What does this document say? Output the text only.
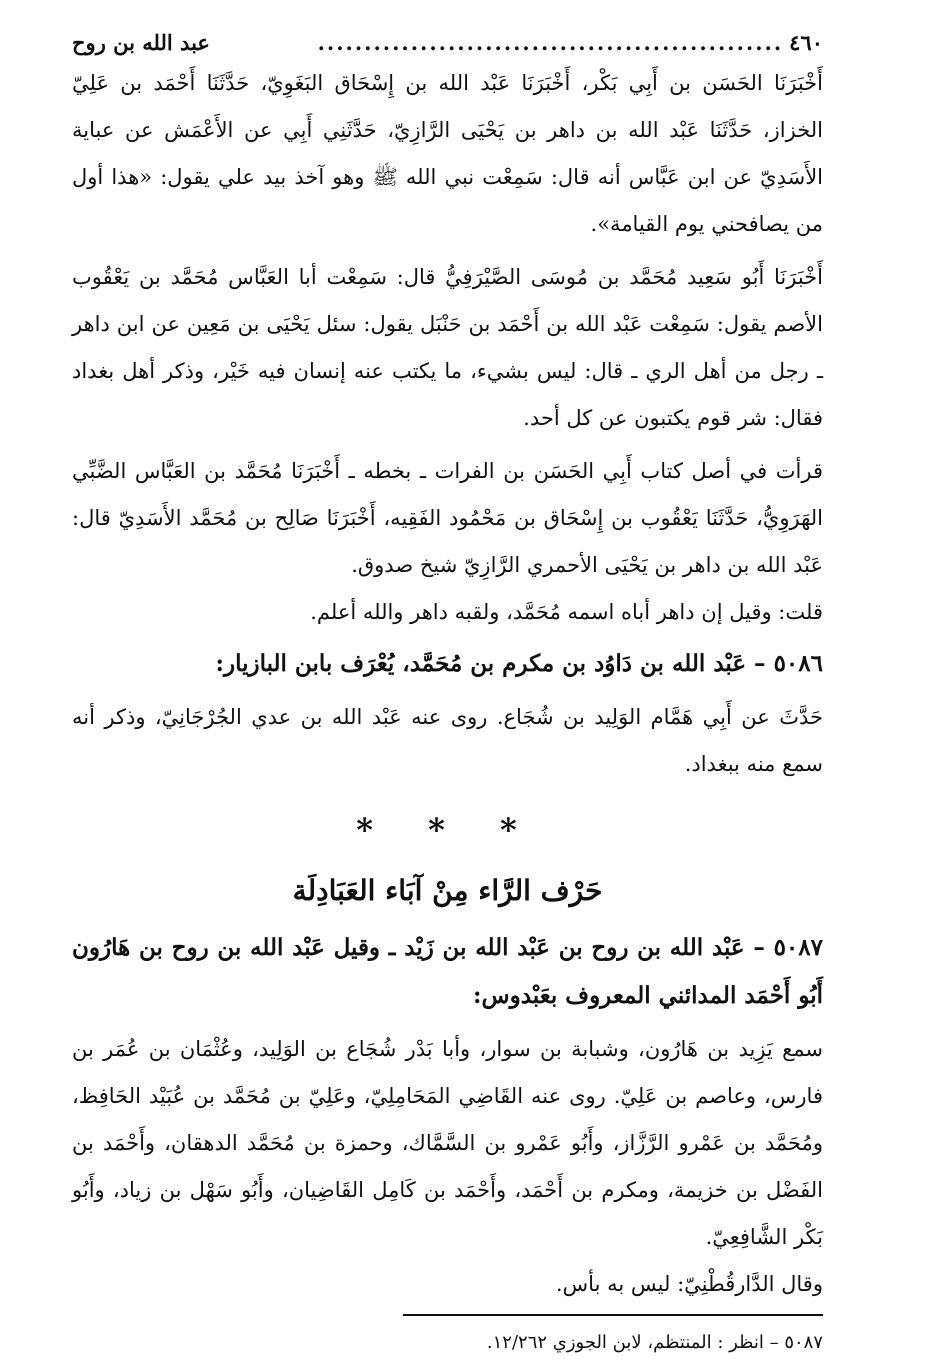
٤٦٠
..................................................
عبد الله بن روح

أَخْبَرَنَا الحَسَن بن أَبِي بَكْر، أَخْبَرَنَا عَبْد الله بن إِسْحَاق البَغَوِيّ، حَدَّثَنَا أَحْمَد بن عَلِيّ الخزاز، حَدَّثَنَا عَبْد الله بن داهر بن يَحْيَى الرَّازِيّ، حَدَّثَنِي أَبِي عن الأَعْمَش عن عباية الأَسَدِيّ عن ابن عَبَّاس أنه قال: سَمِعْت نبي الله ﷺ وهو آخذ بيد علي يقول: «هذا أول من يصافحني يوم القيامة».

أَخْبَرَنَا أَبُو سَعِيد مُحَمَّد بن مُوسَى الصَّيْرَفِيُّ قال: سَمِعْت أبا العَبَّاس مُحَمَّد بن يَعْقُوب الأصم يقول: سَمِعْت عَبْد الله بن أَحْمَد بن حَنْبَل يقول: سئل يَحْيَى بن مَعِين عن ابن داهر ـ رجل من أهل الري ـ قال: ليس بشيء، ما يكتب عنه إنسان فيه خَيْر، وذكر أهل بغداد فقال: شر قوم يكتبون عن كل أحد.

قرأت في أصل كتاب أَبِي الحَسَن بن الفرات ـ بخطه ـ أَخْبَرَنَا مُحَمَّد بن العَبَّاس الضَّبِّي الهَرَوِيُّ، حَدَّثَنَا يَعْقُوب بن إِسْحَاق بن مَحْمُود الفَقِيه، أَخْبَرَنَا صَالِح بن مُحَمَّد الأَسَدِيّ قال: عَبْد الله بن داهر بن يَحْيَى الأحمري الرَّازِيّ شيخ صدوق.

قلت: وقيل إن داهر أباه اسمه مُحَمَّد، ولقبه داهر والله أعلم.

٥٠٨٦ – عَبْد الله بن دَاوُد بن مكرم بن مُحَمَّد، يُعْرَف بابن البازيار:

حَدَّثَ عن أَبِي هَمَّام الوَلِيد بن شُجَاع. روى عنه عَبْد الله بن عدي الجُرْجَانِيّ، وذكر أنه سمع منه ببغداد.

* * *
حَرْف الرَّاء مِنْ آبَاء العَبَادِلَة

٥٠٨٧ – عَبْد الله بن روح بن عَبْد الله بن زَيْد ـ وقيل عَبْد الله بن روح بن هَارُون أَبُو أَحْمَد المدائني المعروف بعَبْدوس:

سمع يَزِيد بن هَارُون، وشبابة بن سوار، وأبا بَدْر شُجَاع بن الوَلِيد، وعُثْمَان بن عُمَر بن فارس، وعاصم بن عَلِيّ. روى عنه القَاضِي المَحَامِلِيّ، وعَلِيّ بن مُحَمَّد بن عُبَيْد الحَافِظ، ومُحَمَّد بن عَمْرو الرَّزَّاز، وأَبُو عَمْرو بن السَّمَّاك، وحمزة بن مُحَمَّد الدهقان، وأَحْمَد بن الفَضْل بن خزيمة، ومكرم بن أَحْمَد، وأَحْمَد بن كَامِل القَاضِيان، وأَبُو سَهْل بن زياد، وأَبُو بَكْر الشَّافِعِيّ.

وقال الدَّارقُطْنِيّ: ليس به بأس.

٥٠٨٧ – انظر : المنتظم، لابن الجوزي ١٢/٢٦٢.
